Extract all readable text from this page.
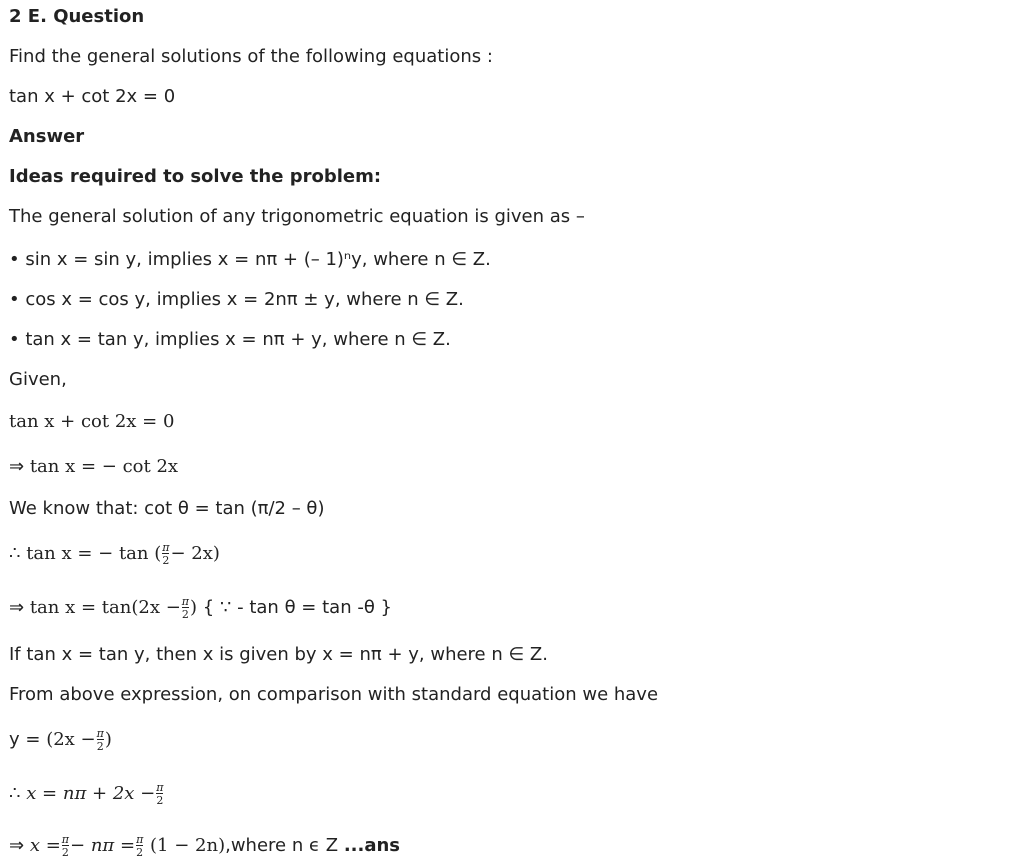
2 E. Question
Find the general solutions of the following equations :
tan x + cot 2x = 0
Answer
Ideas required to solve the problem:
The general solution of any trigonometric equation is given as –
• sin x = sin y, implies x = nπ + (– 1)ⁿy, where n ∈ Z.
• cos x = cos y, implies x = 2nπ ± y, where n ∈ Z.
• tan x = tan y, implies x = nπ + y, where n ∈ Z.
Given,
tan x + cot 2x = 0
⇒ tan x = − cot 2x
We know that: cot θ = tan (π/2 – θ)
∴ tan x = − tan ( $\frac{\pi}{2} - 2x$)
⇒ $\tan x = \tan(2x - \frac{\pi}{2}$ ) { ∵ - tan θ = tan -θ }
If tan x = tan y, then x is given by x = nπ + y, where n ∈ Z.
From above expression, on comparison with standard equation we have
$y = (2x - \frac{\pi}{2}$ )
∴ $x = n\pi + 2x - \frac{\pi}{2}$
⇒ $x = \frac{\pi}{2} - n\pi = \frac{\pi}{2} (1$ − 2n),where n ϵ Z ...ans
